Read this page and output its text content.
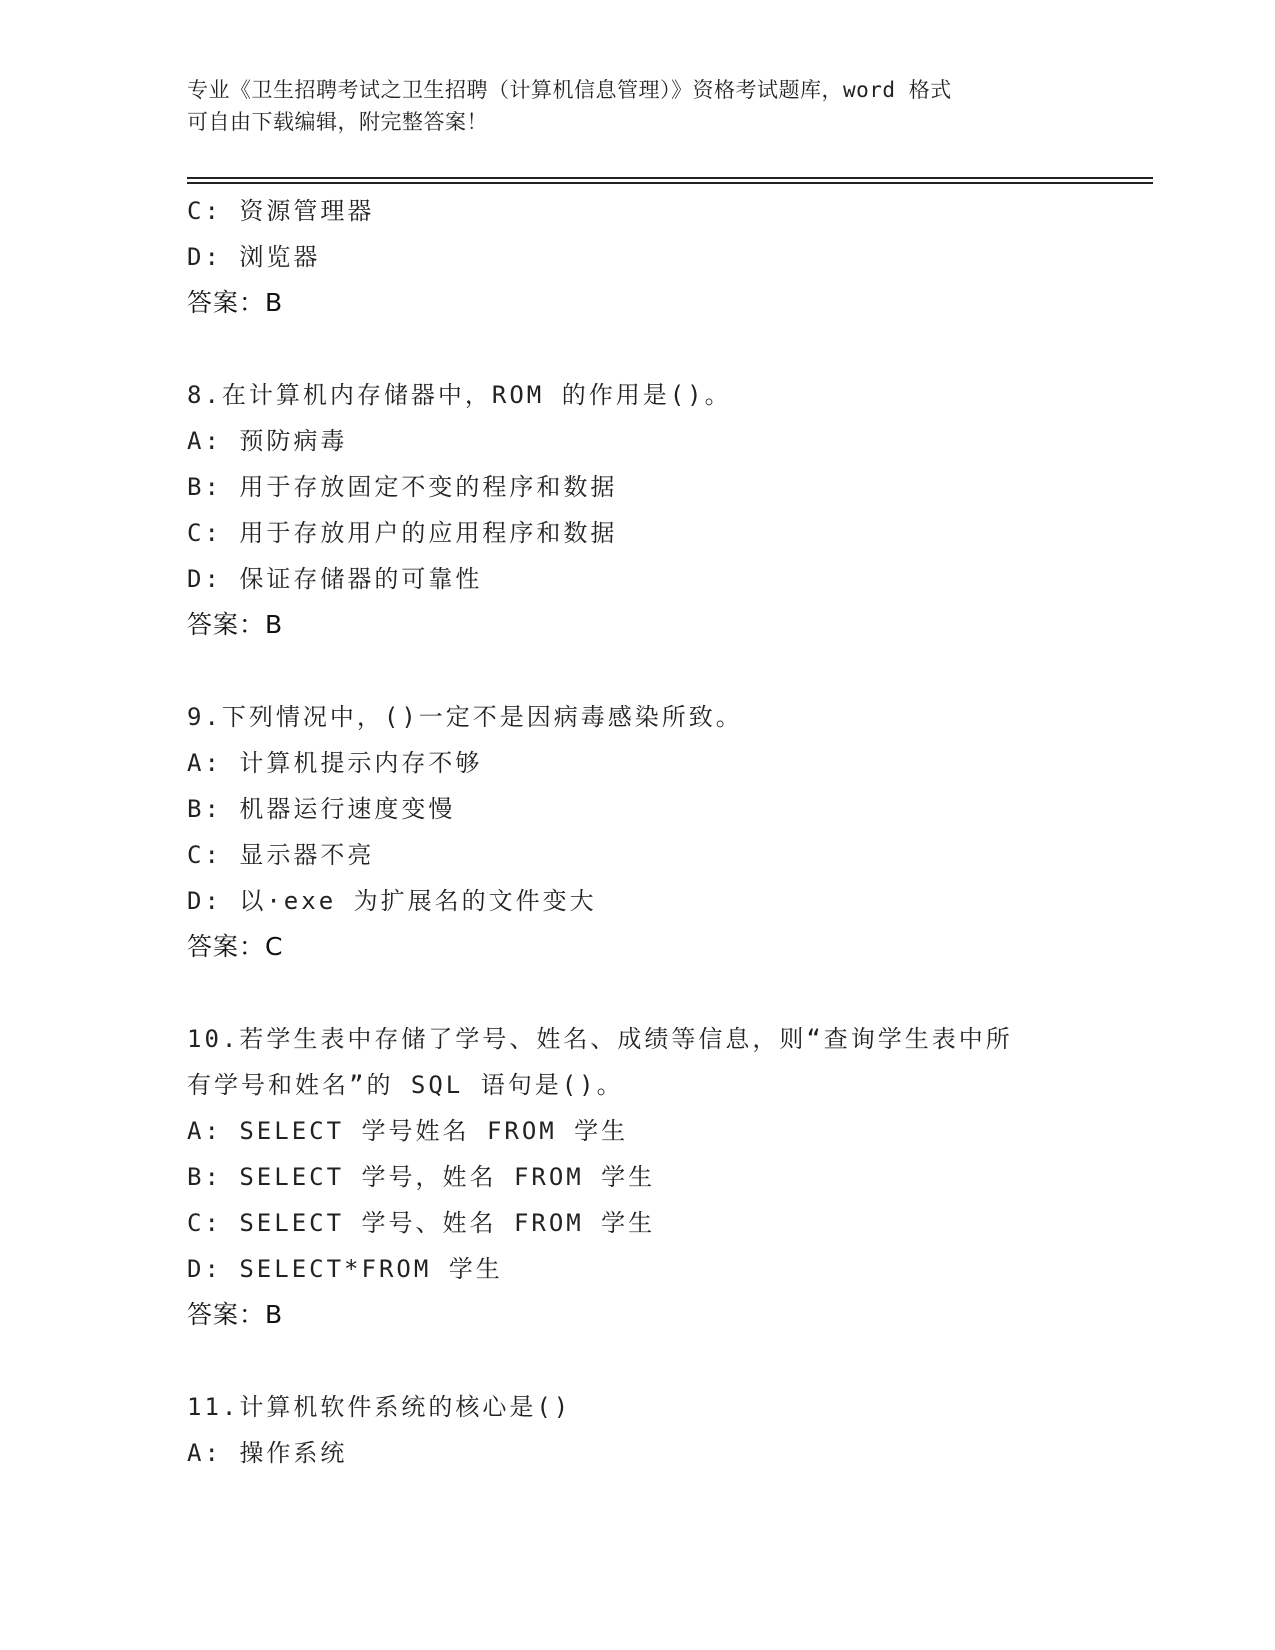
专业《卫生招聘考试之卫生招聘（计算机信息管理）》资格考试题库，word 格式
可自由下载编辑，附完整答案！
C: 资源管理器
D: 浏览器
答案：B
8.在计算机内存储器中，ROM 的作用是()。
A: 预防病毒
B: 用于存放固定不变的程序和数据
C: 用于存放用户的应用程序和数据
D: 保证存储器的可靠性
答案：B
9.下列情况中，()一定不是因病毒感染所致。
A: 计算机提示内存不够
B: 机器运行速度变慢
C: 显示器不亮
D: 以·exe 为扩展名的文件变大
答案：C
10.若学生表中存储了学号、姓名、成绩等信息，则“查询学生表中所
有学号和姓名”的 SQL 语句是()。
A: SELECT 学号姓名 FROM 学生
B: SELECT 学号，姓名 FROM 学生
C: SELECT 学号、姓名 FROM 学生
D: SELECT*FROM 学生
答案：B
11.计算机软件系统的核心是()
A: 操作系统
